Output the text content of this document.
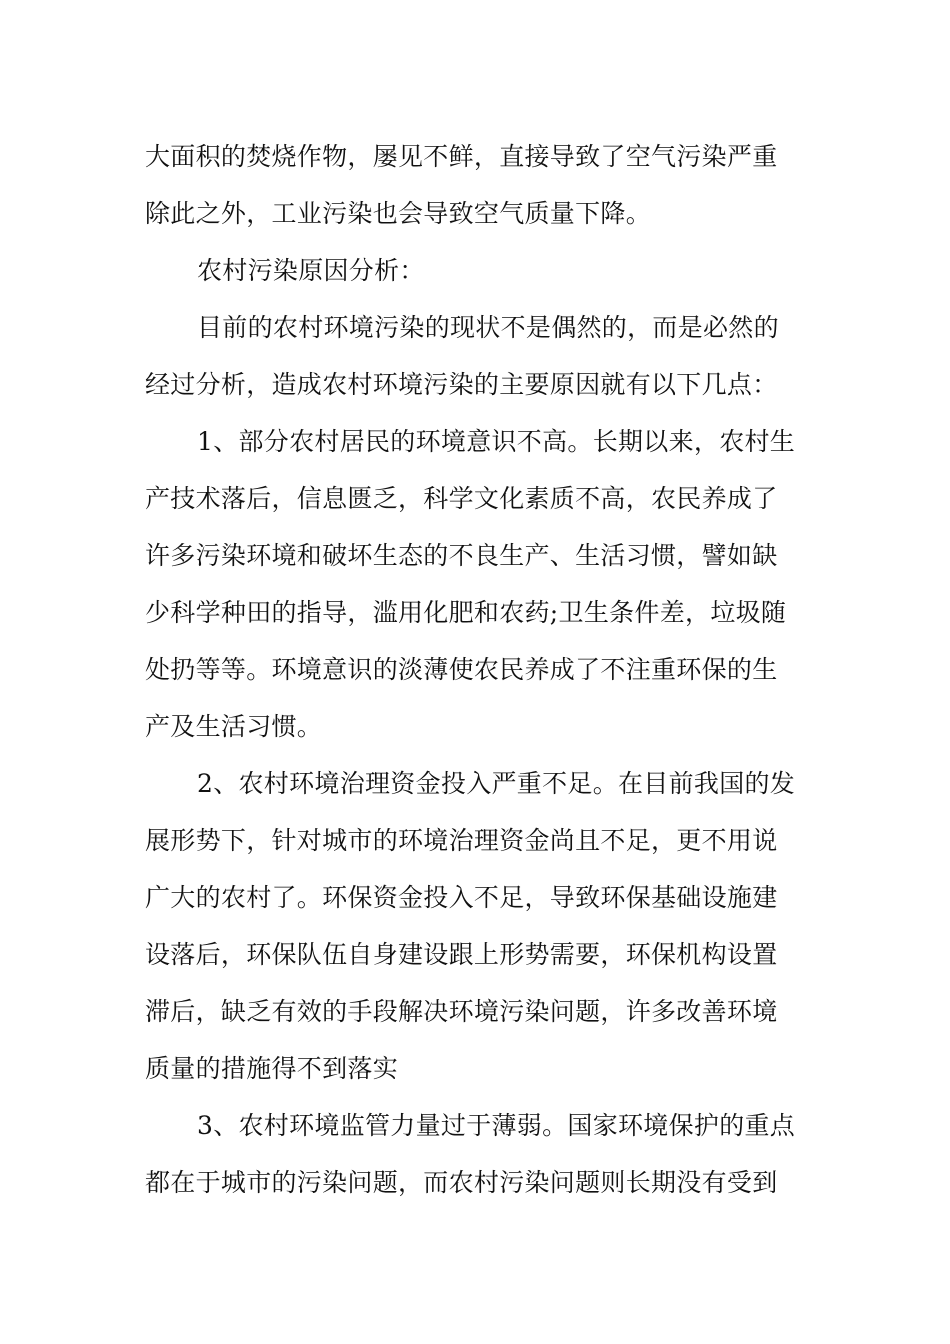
大面积的焚烧作物，屡见不鲜，直接导致了空气污染严重
除此之外，工业污染也会导致空气质量下降。
农村污染原因分析：
目前的农村环境污染的现状不是偶然的，而是必然的
经过分析，造成农村环境污染的主要原因就有以下几点：
1、部分农村居民的环境意识不高。长期以来，农村生
产技术落后，信息匮乏，科学文化素质不高，农民养成了
许多污染环境和破坏生态的不良生产、生活习惯，譬如缺
少科学种田的指导，滥用化肥和农药;卫生条件差，垃圾随
处扔等等。环境意识的淡薄使农民养成了不注重环保的生
产及生活习惯。
2、农村环境治理资金投入严重不足。在目前我国的发
展形势下，针对城市的环境治理资金尚且不足，更不用说
广大的农村了。环保资金投入不足，导致环保基础设施建
设落后，环保队伍自身建设跟上形势需要，环保机构设置
滞后，缺乏有效的手段解决环境污染问题，许多改善环境
质量的措施得不到落实
3、农村环境监管力量过于薄弱。国家环境保护的重点
都在于城市的污染问题，而农村污染问题则长期没有受到
